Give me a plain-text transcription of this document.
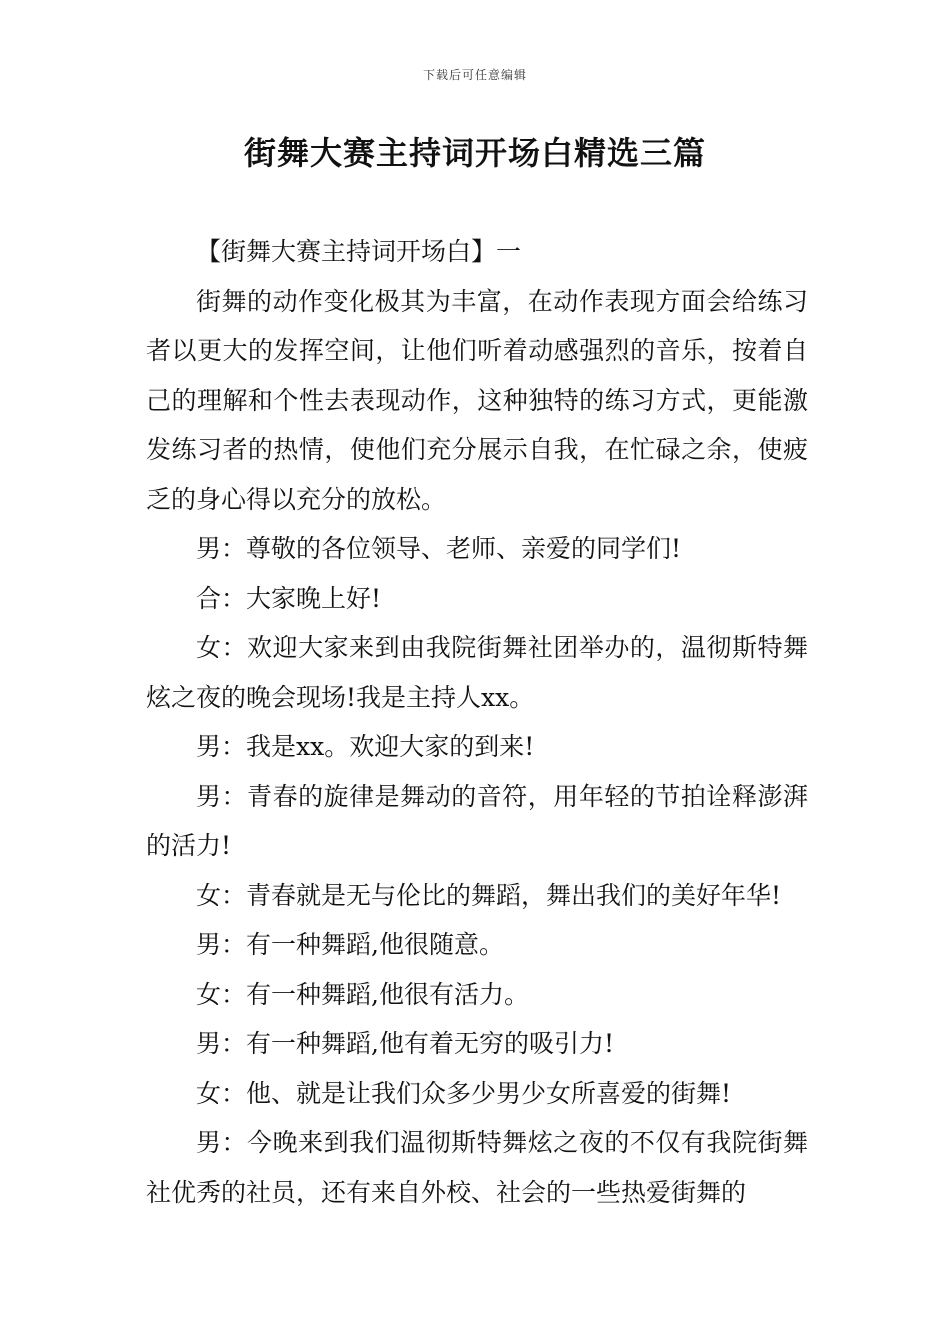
下载后可任意编辑
街舞大赛主持词开场白精选三篇

【街舞大赛主持词开场白】一

街舞的动作变化极其为丰富，在动作表现方面会给练习者以更大的发挥空间，让他们听着动感强烈的音乐，按着自己的理解和个性去表现动作，这种独特的练习方式，更能激发练习者的热情，使他们充分展示自我，在忙碌之余，使疲乏的身心得以充分的放松。

男：尊敬的各位领导、老师、亲爱的同学们!

合：大家晚上好!

女：欢迎大家来到由我院街舞社团举办的，温彻斯特舞炫之夜的晚会现场!我是主持人xx。

男：我是xx。欢迎大家的到来!

男：青春的旋律是舞动的音符，用年轻的节拍诠释澎湃的活力!

女：青春就是无与伦比的舞蹈，舞出我们的美好年华!

男：有一种舞蹈,他很随意。

女：有一种舞蹈,他很有活力。

男：有一种舞蹈,他有着无穷的吸引力!

女：他、就是让我们众多少男少女所喜爱的街舞!

男：今晚来到我们温彻斯特舞炫之夜的不仅有我院街舞社优秀的社员，还有来自外校、社会的一些热爱街舞的
